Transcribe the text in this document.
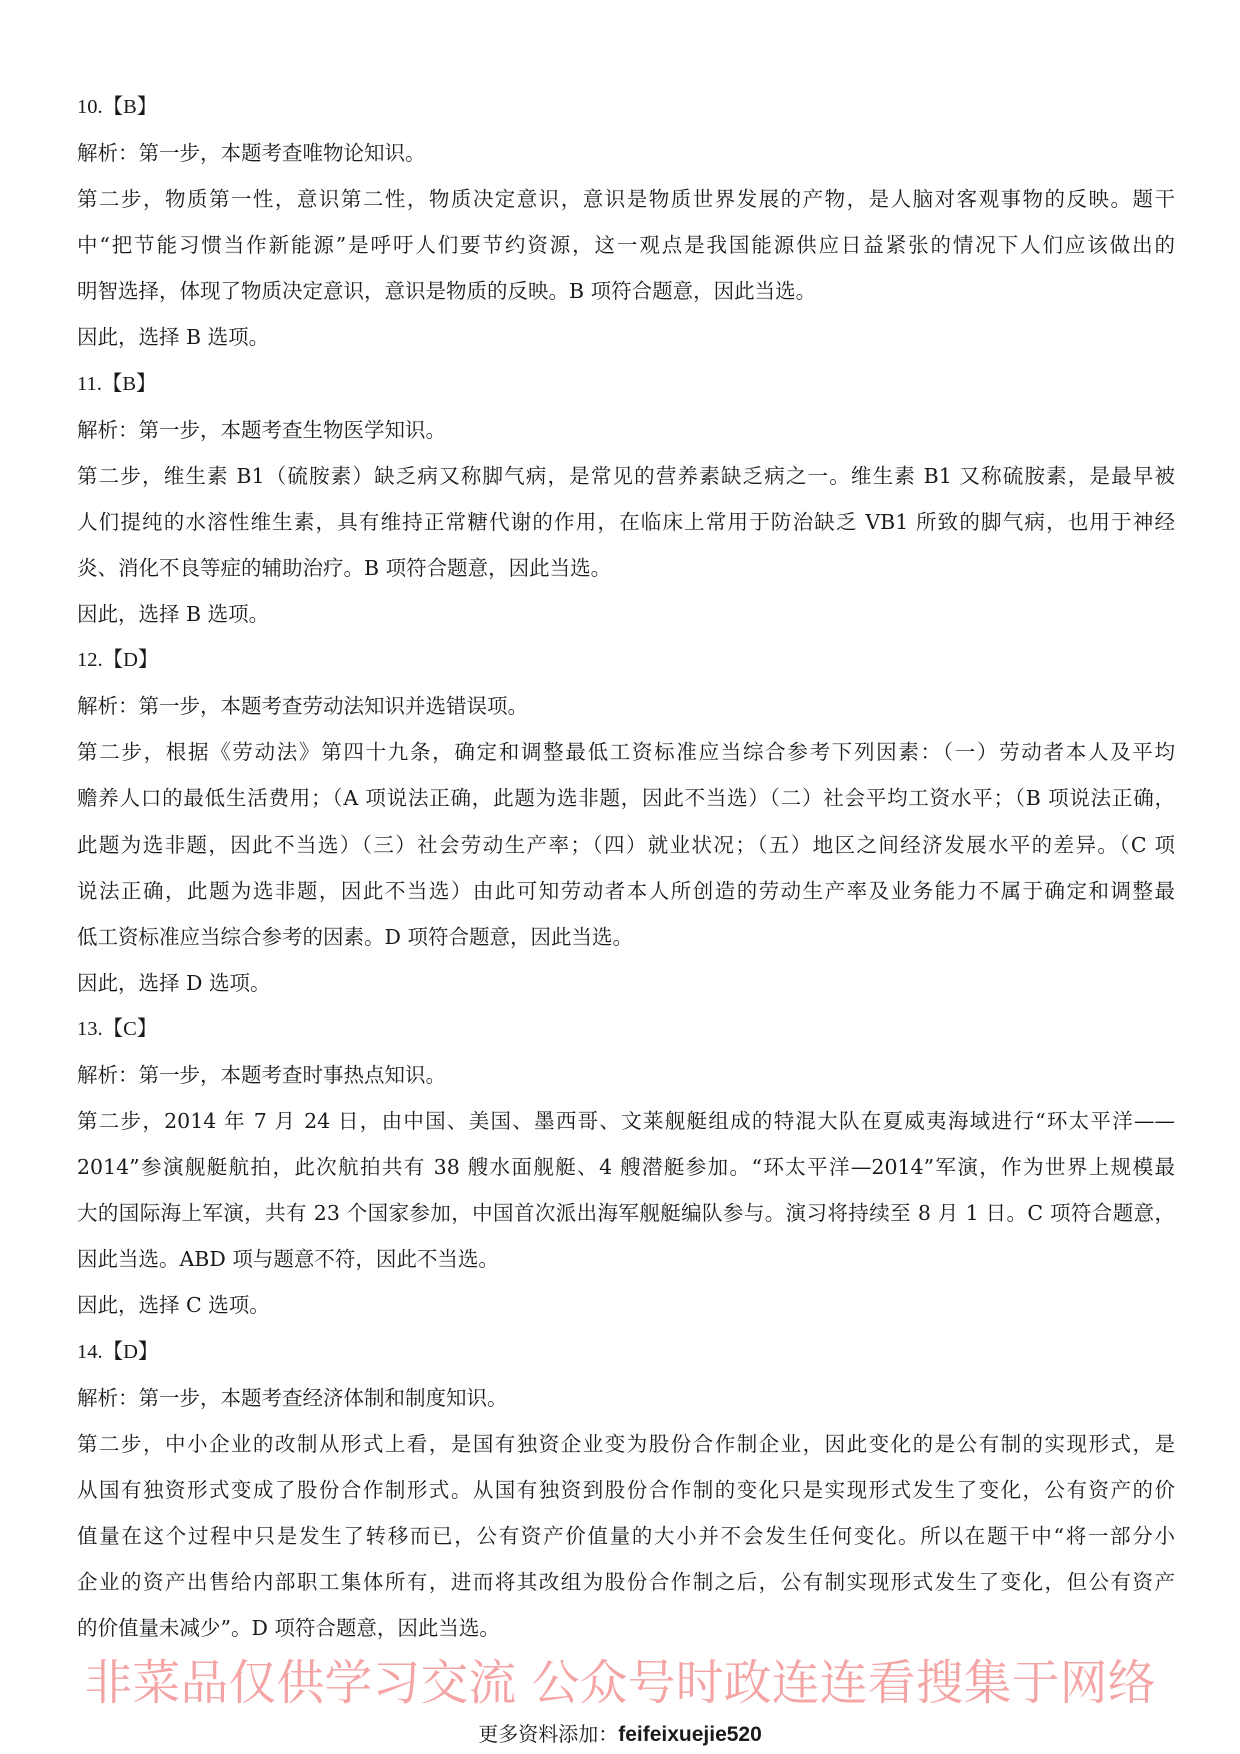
10.【B】
解析：第一步，本题考查唯物论知识。
第二步，物质第一性，意识第二性，物质决定意识，意识是物质世界发展的产物，是人脑对客观事物的反映。题干
中“把节能习惯当作新能源”是呼吁人们要节约资源，这一观点是我国能源供应日益紧张的情况下人们应该做出的
明智选择，体现了物质决定意识，意识是物质的反映。B 项符合题意，因此当选。
因此，选择 B 选项。
11.【B】
解析：第一步，本题考查生物医学知识。
第二步，维生素 B1（硫胺素）缺乏病又称脚气病，是常见的营养素缺乏病之一。维生素 B1 又称硫胺素，是最早被
人们提纯的水溶性维生素，具有维持正常糖代谢的作用，在临床上常用于防治缺乏 VB1 所致的脚气病，也用于神经
炎、消化不良等症的辅助治疗。B 项符合题意，因此当选。
因此，选择 B 选项。
12.【D】
解析：第一步，本题考查劳动法知识并选错误项。
第二步，根据《劳动法》第四十九条，确定和调整最低工资标准应当综合参考下列因素：（一）劳动者本人及平均
赡养人口的最低生活费用；（A 项说法正确，此题为选非题，因此不当选）（二）社会平均工资水平；（B 项说法正确，
此题为选非题，因此不当选）（三）社会劳动生产率；（四）就业状况；（五）地区之间经济发展水平的差异。（C 项
说法正确，此题为选非题，因此不当选）由此可知劳动者本人所创造的劳动生产率及业务能力不属于确定和调整最
低工资标准应当综合参考的因素。D 项符合题意，因此当选。
因此，选择 D 选项。
13.【C】
解析：第一步，本题考查时事热点知识。
第二步，2014 年 7 月 24 日，由中国、美国、墨西哥、文莱舰艇组成的特混大队在夏威夷海域进行“环太平洋——
2014”参演舰艇航拍，此次航拍共有 38 艘水面舰艇、4 艘潜艇参加。“环太平洋—2014”军演，作为世界上规模最
大的国际海上军演，共有 23 个国家参加，中国首次派出海军舰艇编队参与。演习将持续至 8 月 1 日。C 项符合题意，
因此当选。ABD 项与题意不符，因此不当选。
因此，选择 C 选项。
14.【D】
解析：第一步，本题考查经济体制和制度知识。
第二步，中小企业的改制从形式上看，是国有独资企业变为股份合作制企业，因此变化的是公有制的实现形式，是
从国有独资形式变成了股份合作制形式。从国有独资到股份合作制的变化只是实现形式发生了变化，公有资产的价
值量在这个过程中只是发生了转移而已，公有资产价值量的大小并不会发生任何变化。所以在题干中“将一部分小
企业的资产出售给内部职工集体所有，进而将其改组为股份合作制之后，公有制实现形式发生了变化，但公有资产
的价值量未减少”。D 项符合题意，因此当选。
非菜品仅供学习交流 公众号时政连连看搜集于网络
更多资料添加：feifeixuejie520
